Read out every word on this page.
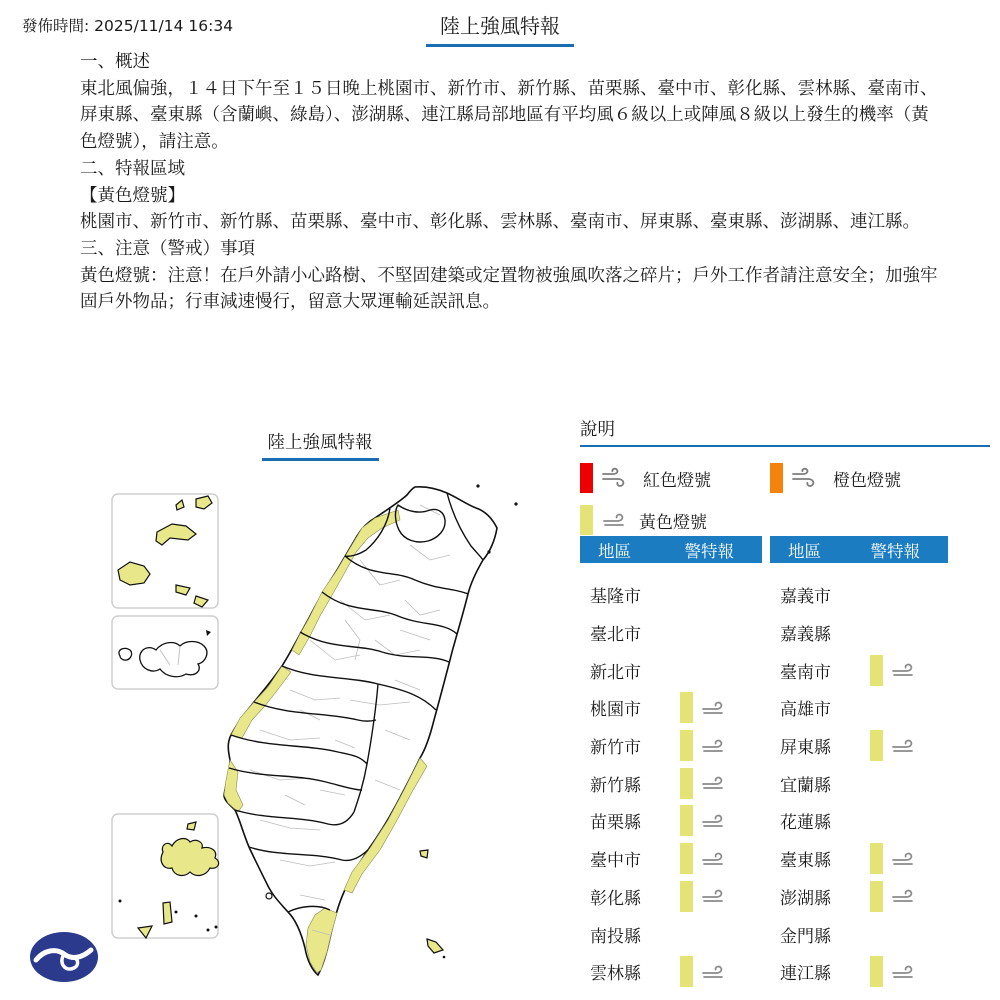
發佈時間: 2025/11/14 16:34	陸上強風特報
一、概述
東北風偏強，１４日下午至１５日晚上桃園市、新竹市、新竹縣、苗栗縣、臺中市、彰化縣、雲林縣、臺南市、屏東縣、臺東縣（含蘭嶼、綠島）、澎湖縣、連江縣局部地區有平均風６級以上或陣風８級以上發生的機率（黃色燈號），請注意。
二、特報區域
【黃色燈號】
桃園市、新竹市、新竹縣、苗栗縣、臺中市、彰化縣、雲林縣、臺南市、屏東縣、臺東縣、澎湖縣、連江縣。
三、注意（警戒）事項
黃色燈號：注意！在戶外請小心路樹、不堅固建築或定置物被強風吹落之碎片；戶外工作者請注意安全；加強牢固戶外物品；行車減速慢行，留意大眾運輸延誤訊息。
陸上強風特報
說明
紅色燈號	橙色燈號
黃色燈號
地區	警特報
基隆市
臺北市
新北市
桃園市
新竹市
新竹縣
苗栗縣
臺中市
彰化縣
南投縣
雲林縣
地區	警特報
嘉義市
嘉義縣
臺南市
高雄市
屏東縣
宜蘭縣
花蓮縣
臺東縣
澎湖縣
金門縣
連江縣
